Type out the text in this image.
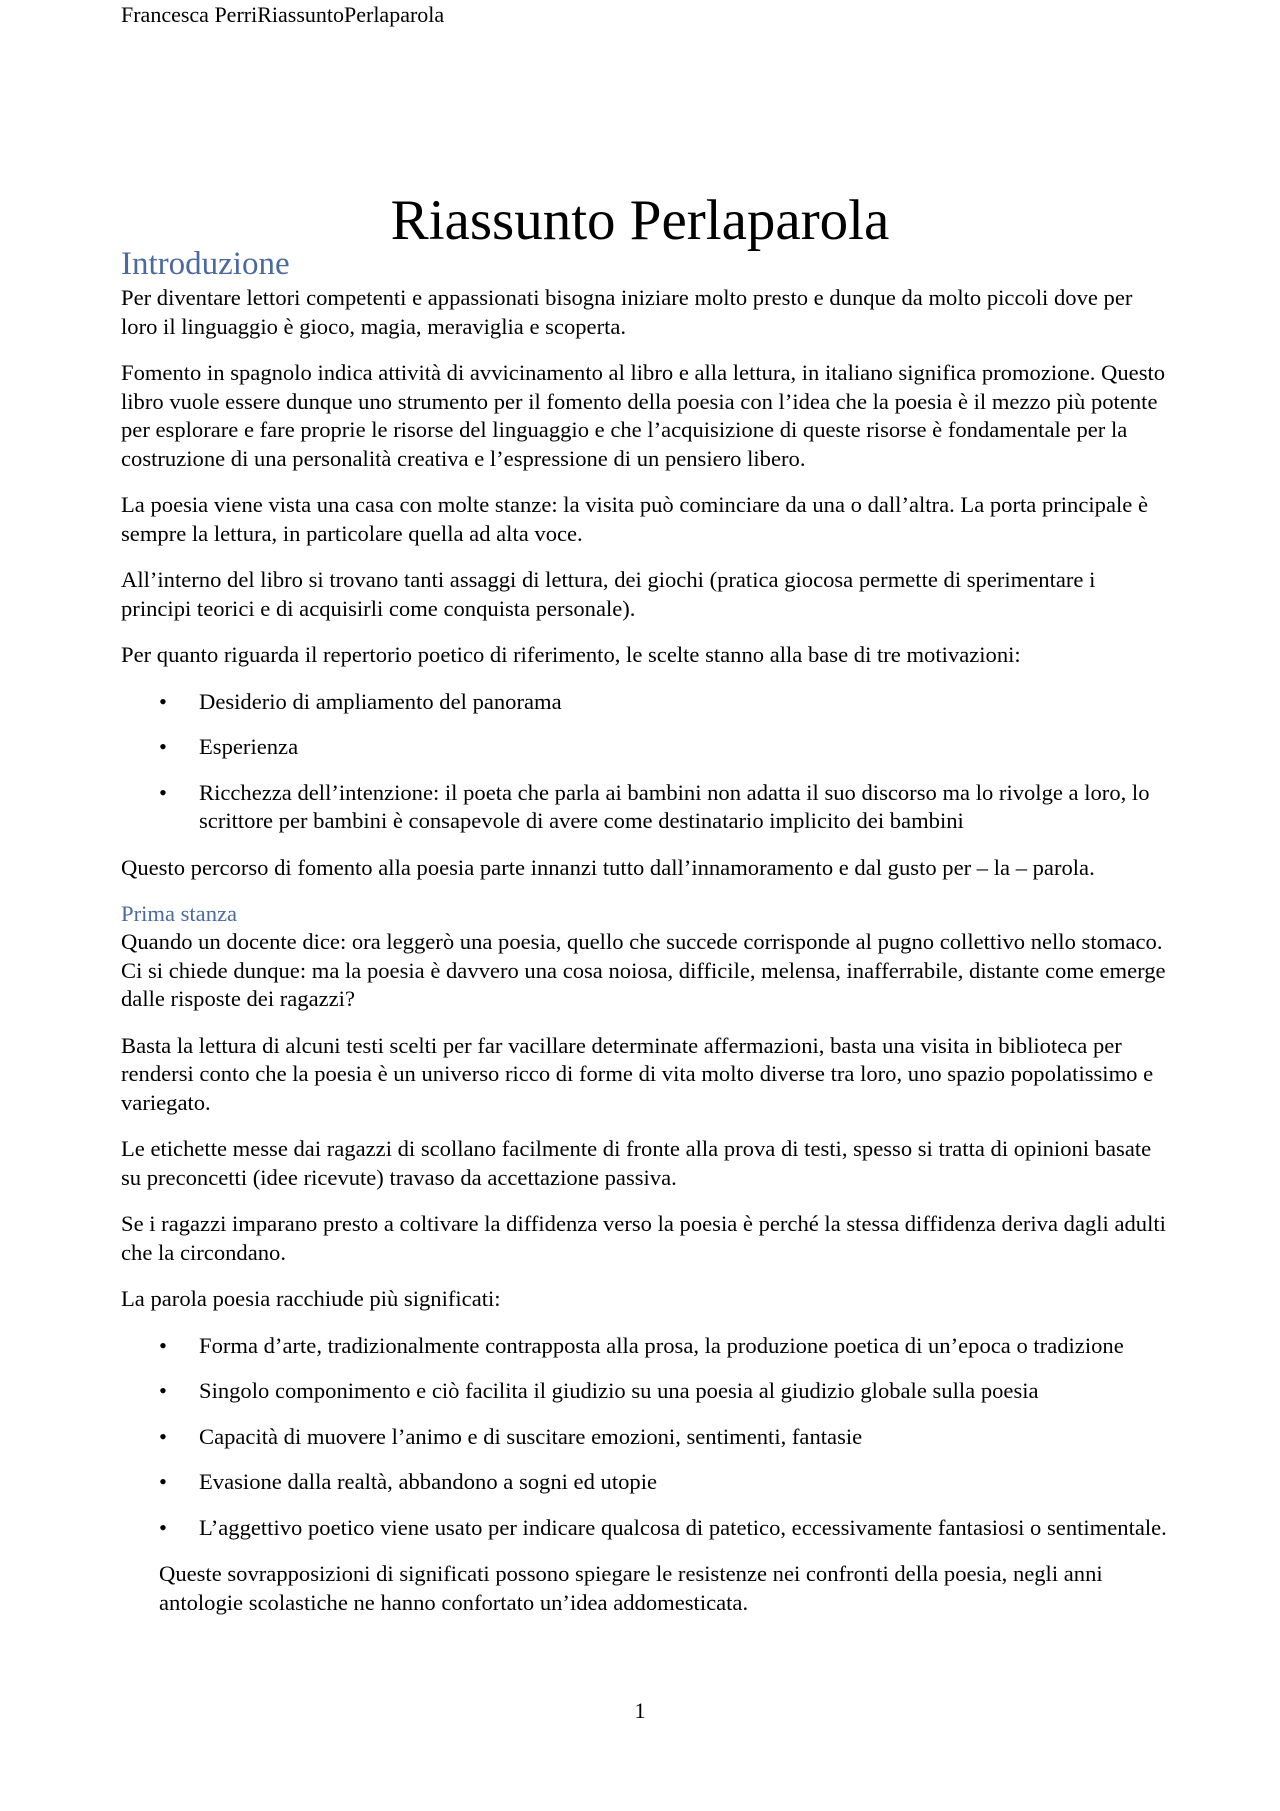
Francesca PerriRiassuntoPerlaparola
Riassunto Perlaparola
Introduzione

Per diventare lettori competenti e appassionati bisogna iniziare molto presto e dunque da molto piccoli dove per loro il linguaggio è gioco, magia, meraviglia e scoperta.

Fomento in spagnolo indica attività di avvicinamento al libro e alla lettura, in italiano significa promozione. Questo libro vuole essere dunque uno strumento per il fomento della poesia con l’idea che la poesia è il mezzo più potente per esplorare e fare proprie le risorse del linguaggio e che l’acquisizione di queste risorse è fondamentale per la costruzione di una personalità creativa e l’espressione di un pensiero libero.

La poesia viene vista una casa con molte stanze: la visita può cominciare da una o dall’altra. La porta principale è sempre la lettura, in particolare quella ad alta voce.

All’interno del libro si trovano tanti assaggi di lettura, dei giochi (pratica giocosa permette di sperimentare i principi teorici e di acquisirli come conquista personale).

Per quanto riguarda il repertorio poetico di riferimento, le scelte stanno alla base di tre motivazioni:

• Desiderio di ampliamento del panorama
• Esperienza
• Ricchezza dell’intenzione: il poeta che parla ai bambini non adatta il suo discorso ma lo rivolge a loro, lo scrittore per bambini è consapevole di avere come destinatario implicito dei bambini

Questo percorso di fomento alla poesia parte innanzi tutto dall’innamoramento e dal gusto per – la – parola.

Prima stanza

Quando un docente dice: ora leggerò una poesia, quello che succede corrisponde al pugno collettivo nello stomaco. Ci si chiede dunque: ma la poesia è davvero una cosa noiosa, difficile, melensa, inafferrabile, distante come emerge dalle risposte dei ragazzi?

Basta la lettura di alcuni testi scelti per far vacillare determinate affermazioni, basta una visita in biblioteca per rendersi conto che la poesia è un universo ricco di forme di vita molto diverse tra loro, uno spazio popolatissimo e variegato.

Le etichette messe dai ragazzi di scollano facilmente di fronte alla prova di testi, spesso si tratta di opinioni basate su preconcetti (idee ricevute) travaso da accettazione passiva.

Se i ragazzi imparano presto a coltivare la diffidenza verso la poesia è perché la stessa diffidenza deriva dagli adulti che la circondano.

La parola poesia racchiude più significati:

• Forma d’arte, tradizionalmente contrapposta alla prosa, la produzione poetica di un’epoca o tradizione
• Singolo componimento e ciò facilita il giudizio su una poesia al giudizio globale sulla poesia
• Capacità di muovere l’animo e di suscitare emozioni, sentimenti, fantasie
• Evasione dalla realtà, abbandono a sogni ed utopie
• L’aggettivo poetico viene usato per indicare qualcosa di patetico, eccessivamente fantasiosi o sentimentale.

Queste sovrapposizioni di significati possono spiegare le resistenze nei confronti della poesia, negli anni antologie scolastiche ne hanno confortato un’idea addomesticata.

1
